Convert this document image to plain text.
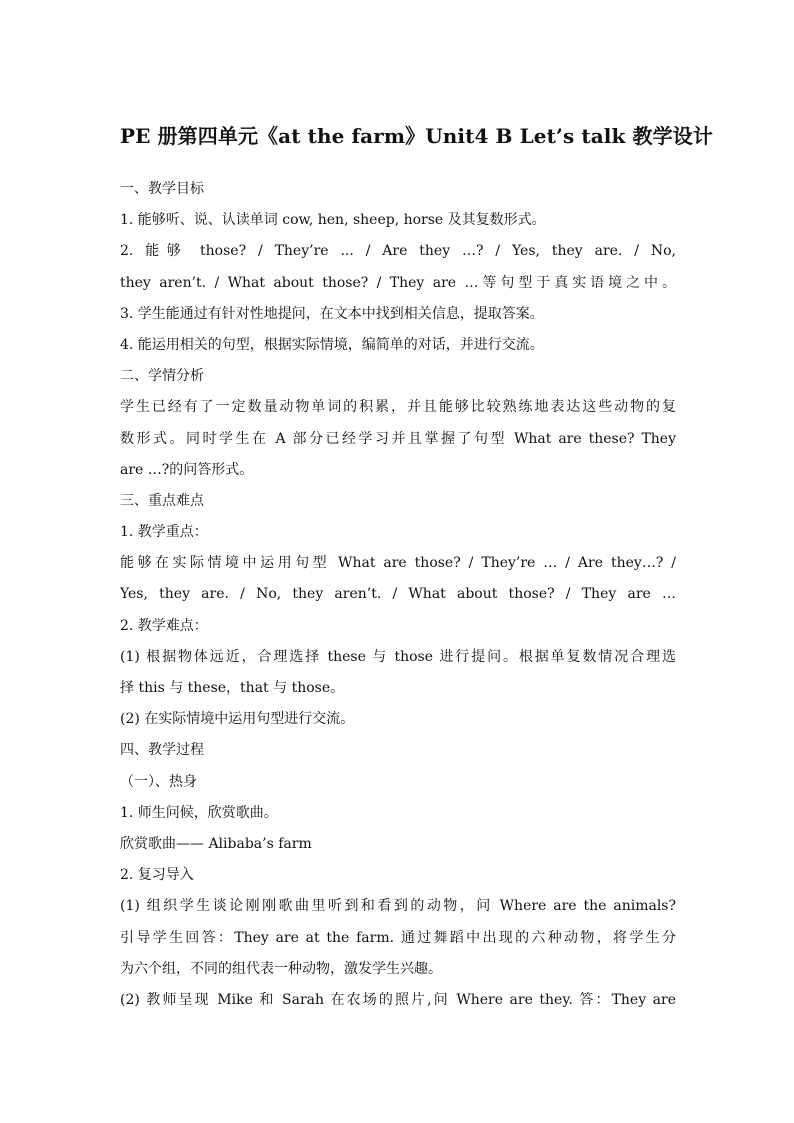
PE 册第四单元《at the farm》Unit4 B Let’s talk 教学设计
一、教学目标
1. 能够听、说、认读单词 cow, hen, sheep, horse 及其复数形式。
2. 能够 those? / They’re ... / Are they …? / Yes, they are. / No,
they aren’t. / What about those? / They are …等句型于真实语境之中。
3. 学生能通过有针对性地提问，在文本中找到相关信息，提取答案。
4. 能运用相关的句型，根据实际情境，编简单的对话，并进行交流。
二、学情分析
学生已经有了一定数量动物单词的积累，并且能够比较熟练地表达这些动物的复
数形式。同时学生在 A 部分已经学习并且掌握了句型 What are these? They
are …?的问答形式。
三、重点难点
1. 教学重点：
能够在实际情境中运用句型 What are those? / They’re … / Are they…? /
Yes, they are. / No, they aren’t. / What about those? / They are …
2. 教学难点：
(1) 根据物体远近，合理选择 these 与 those 进行提问。根据单复数情况合理选
择 this 与 these，that 与 those。
(2) 在实际情境中运用句型进行交流。
四、教学过程
（一）、热身
1. 师生问候，欣赏歌曲。
欣赏歌曲—— Alibaba’s farm
2. 复习导入
(1) 组织学生谈论刚刚歌曲里听到和看到的动物，问 Where are the animals?
引导学生回答：They are at the farm. 通过舞蹈中出现的六种动物，将学生分
为六个组，不同的组代表一种动物，激发学生兴趣。
(2) 教师呈现 Mike 和 Sarah 在农场的照片,问 Where are they. 答：They are
